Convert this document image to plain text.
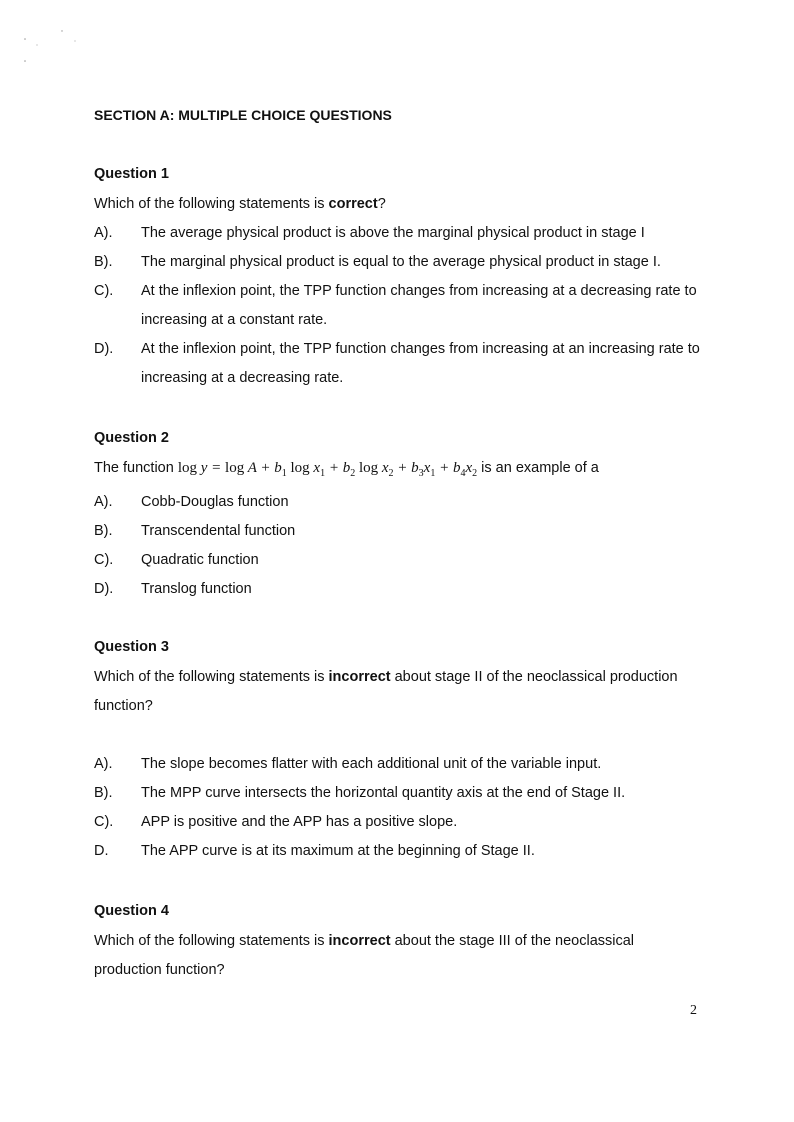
SECTION A: MULTIPLE CHOICE QUESTIONS
Question 1

Which of the following statements is correct?

A).	The average physical product is above the marginal physical product in stage I
B).	The marginal physical product is equal to the average physical product in stage I.
C).	At the inflexion point, the TPP function changes from increasing at a decreasing rate to increasing at a constant rate.
D).	At the inflexion point, the TPP function changes from increasing at an increasing rate to increasing at a decreasing rate.
Question 2

The function $\log y = \log A + b_1$ $\log x_1 + b_2$ $\log x_2 + b_3x_1 + b_4x_2$ is an example of a

A).	Cobb-Douglas function
B).	Transcendental function
C).	Quadratic function
D).	Translog function
Question 3

Which of the following statements is incorrect about stage II of the neoclassical production function?

A).	The slope becomes flatter with each additional unit of the variable input.
B).	The MPP curve intersects the horizontal quantity axis at the end of Stage II.
C).	APP is positive and the APP has a positive slope.
D.	The APP curve is at its maximum at the beginning of Stage II.
Question 4

Which of the following statements is incorrect about the stage III of the neoclassical production function?

2
